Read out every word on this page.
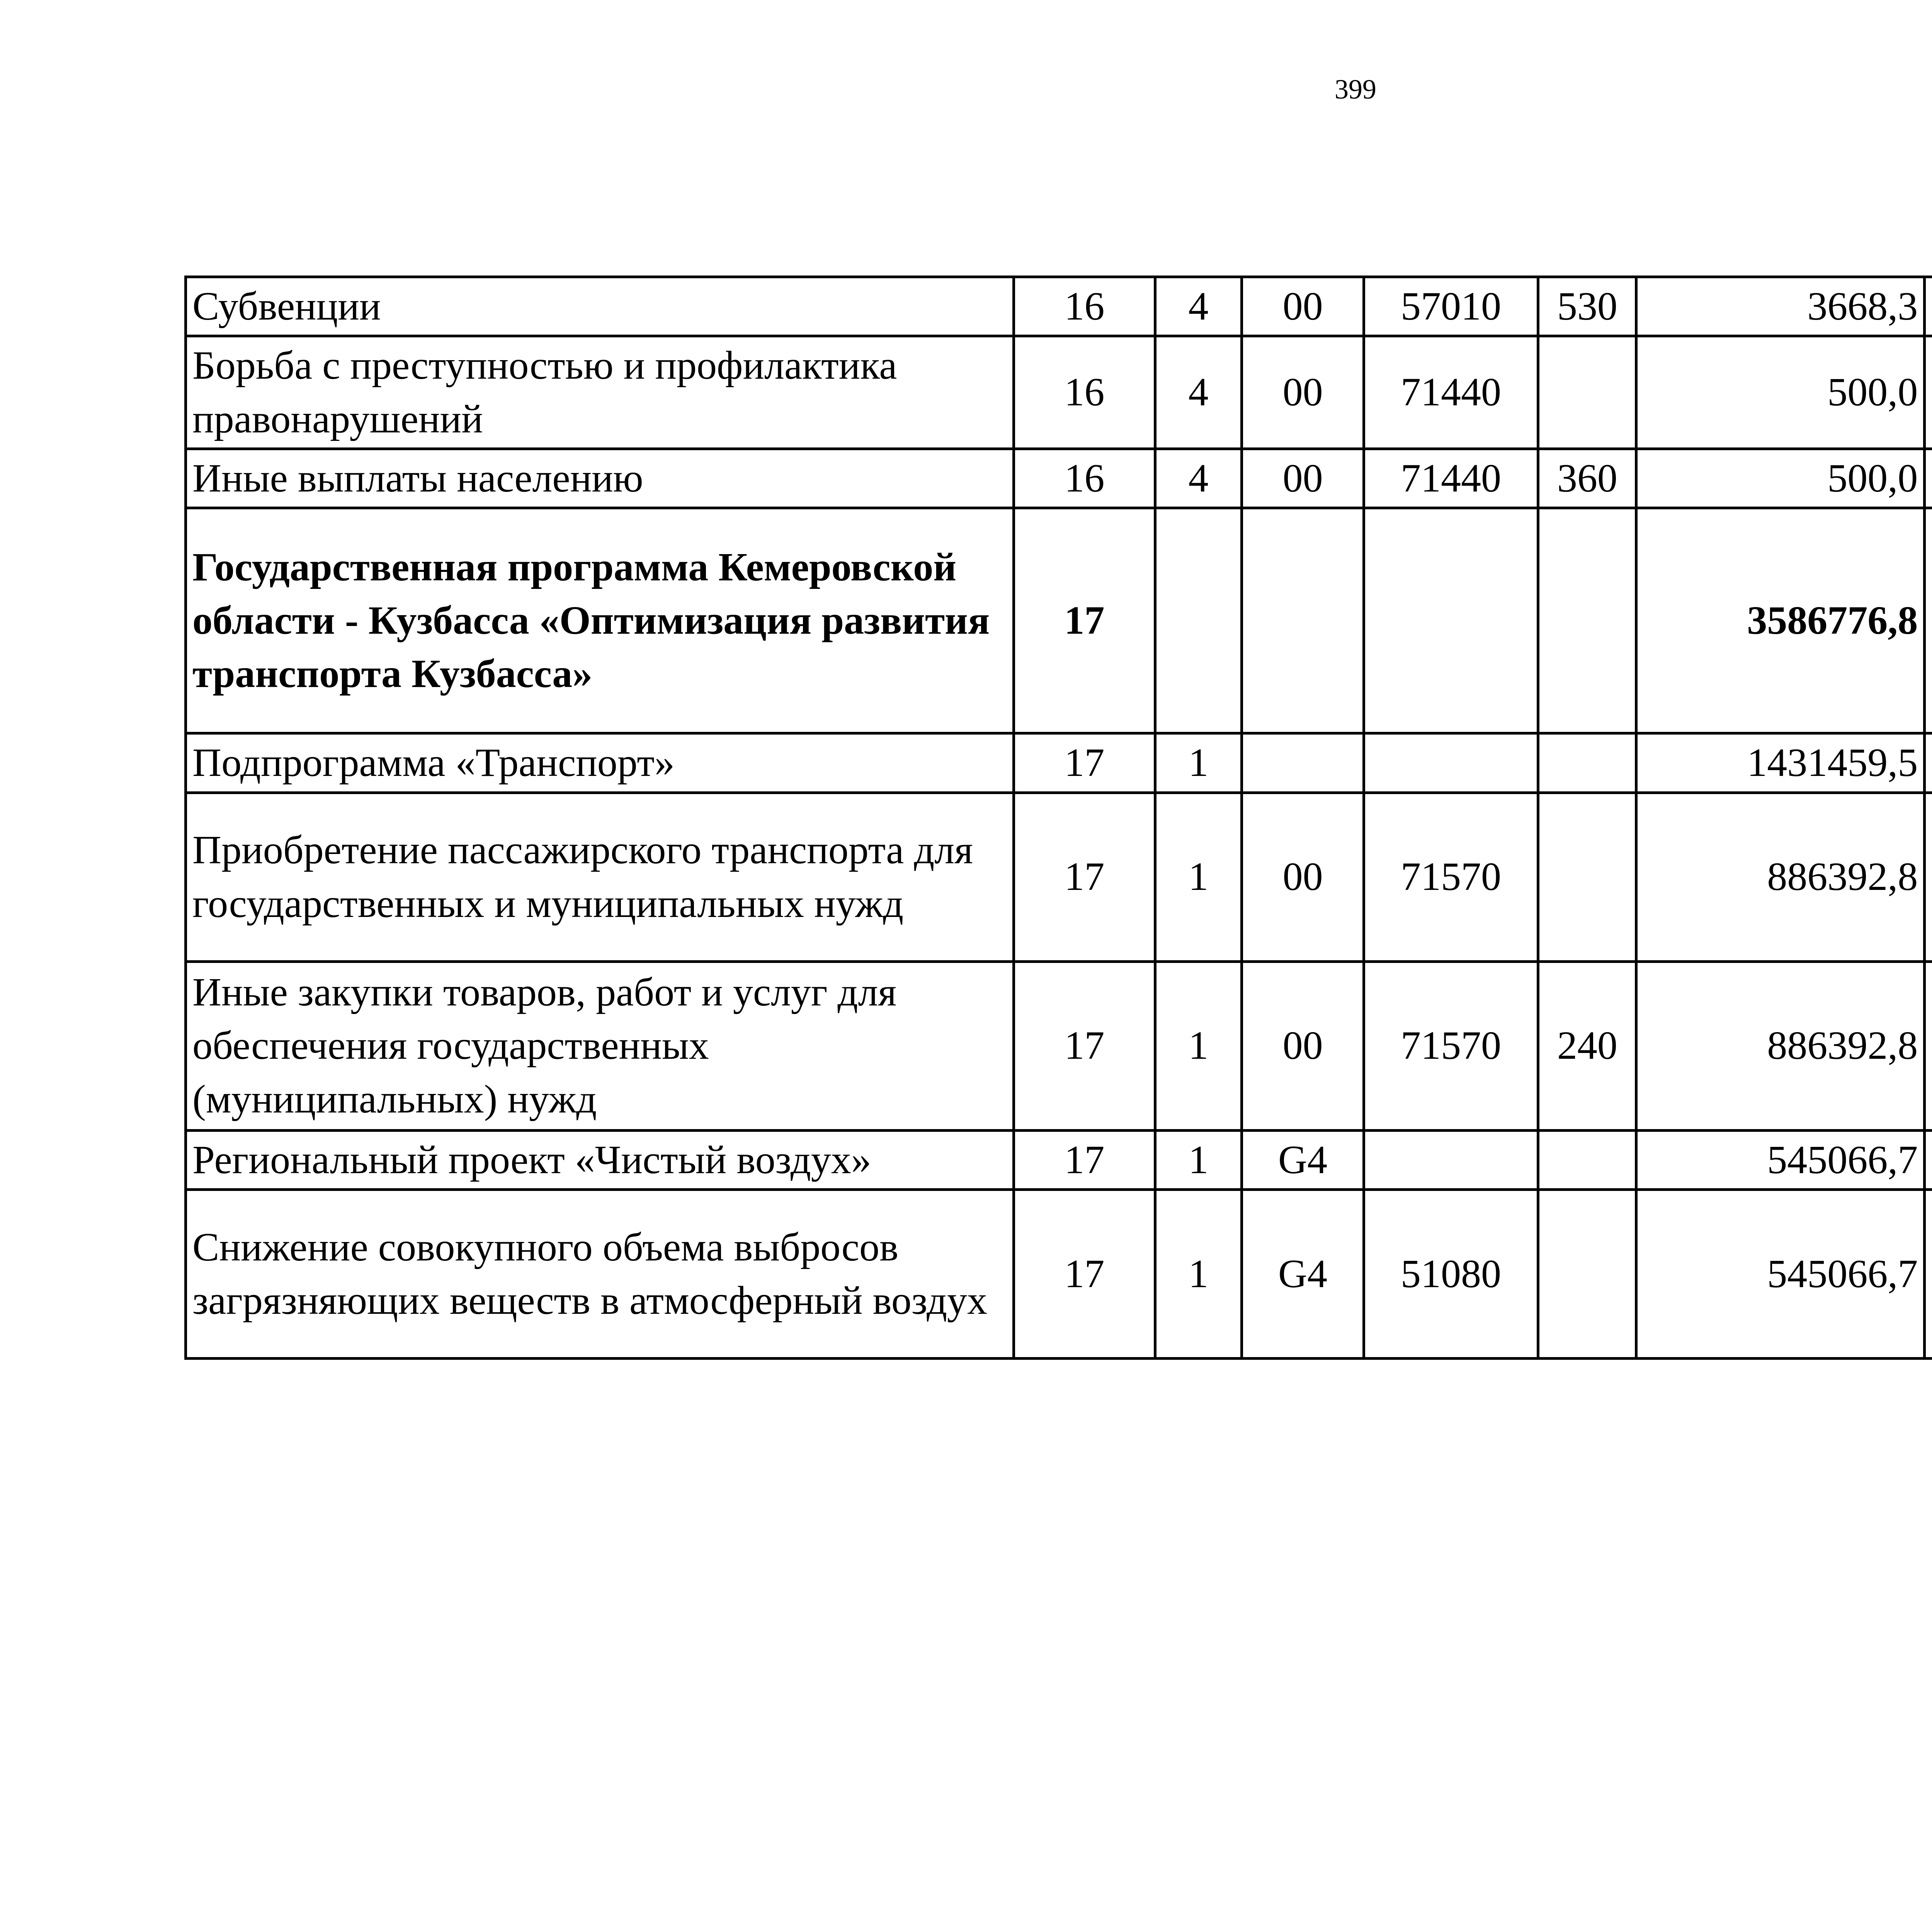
399
Субвенции	16	4	00	57010	530	3668,3		
Борьба с преступностью и профилактика правонарушений	16	4	00	71440		500,0		
Иные выплаты населению	16	4	00	71440	360	500,0		
Государственная программа Кемеровской области - Кузбасса «Оптимизация развития транспорта Кузбасса»	17					3586776,8		
Подпрограмма «Транспорт»	17	1				1431459,5		
Приобретение пассажирского транспорта для государственных и муниципальных нужд	17	1	00	71570		886392,8		
Иные закупки товаров, работ и услуг для обеспечения государственных (муниципальных) нужд	17	1	00	71570	240	886392,8		
Региональный проект «Чистый воздух»	17	1	G4			545066,7		
Снижение совокупного объема выбросов загрязняющих веществ в атмосферный воздух	17	1	G4	51080		545066,7		
